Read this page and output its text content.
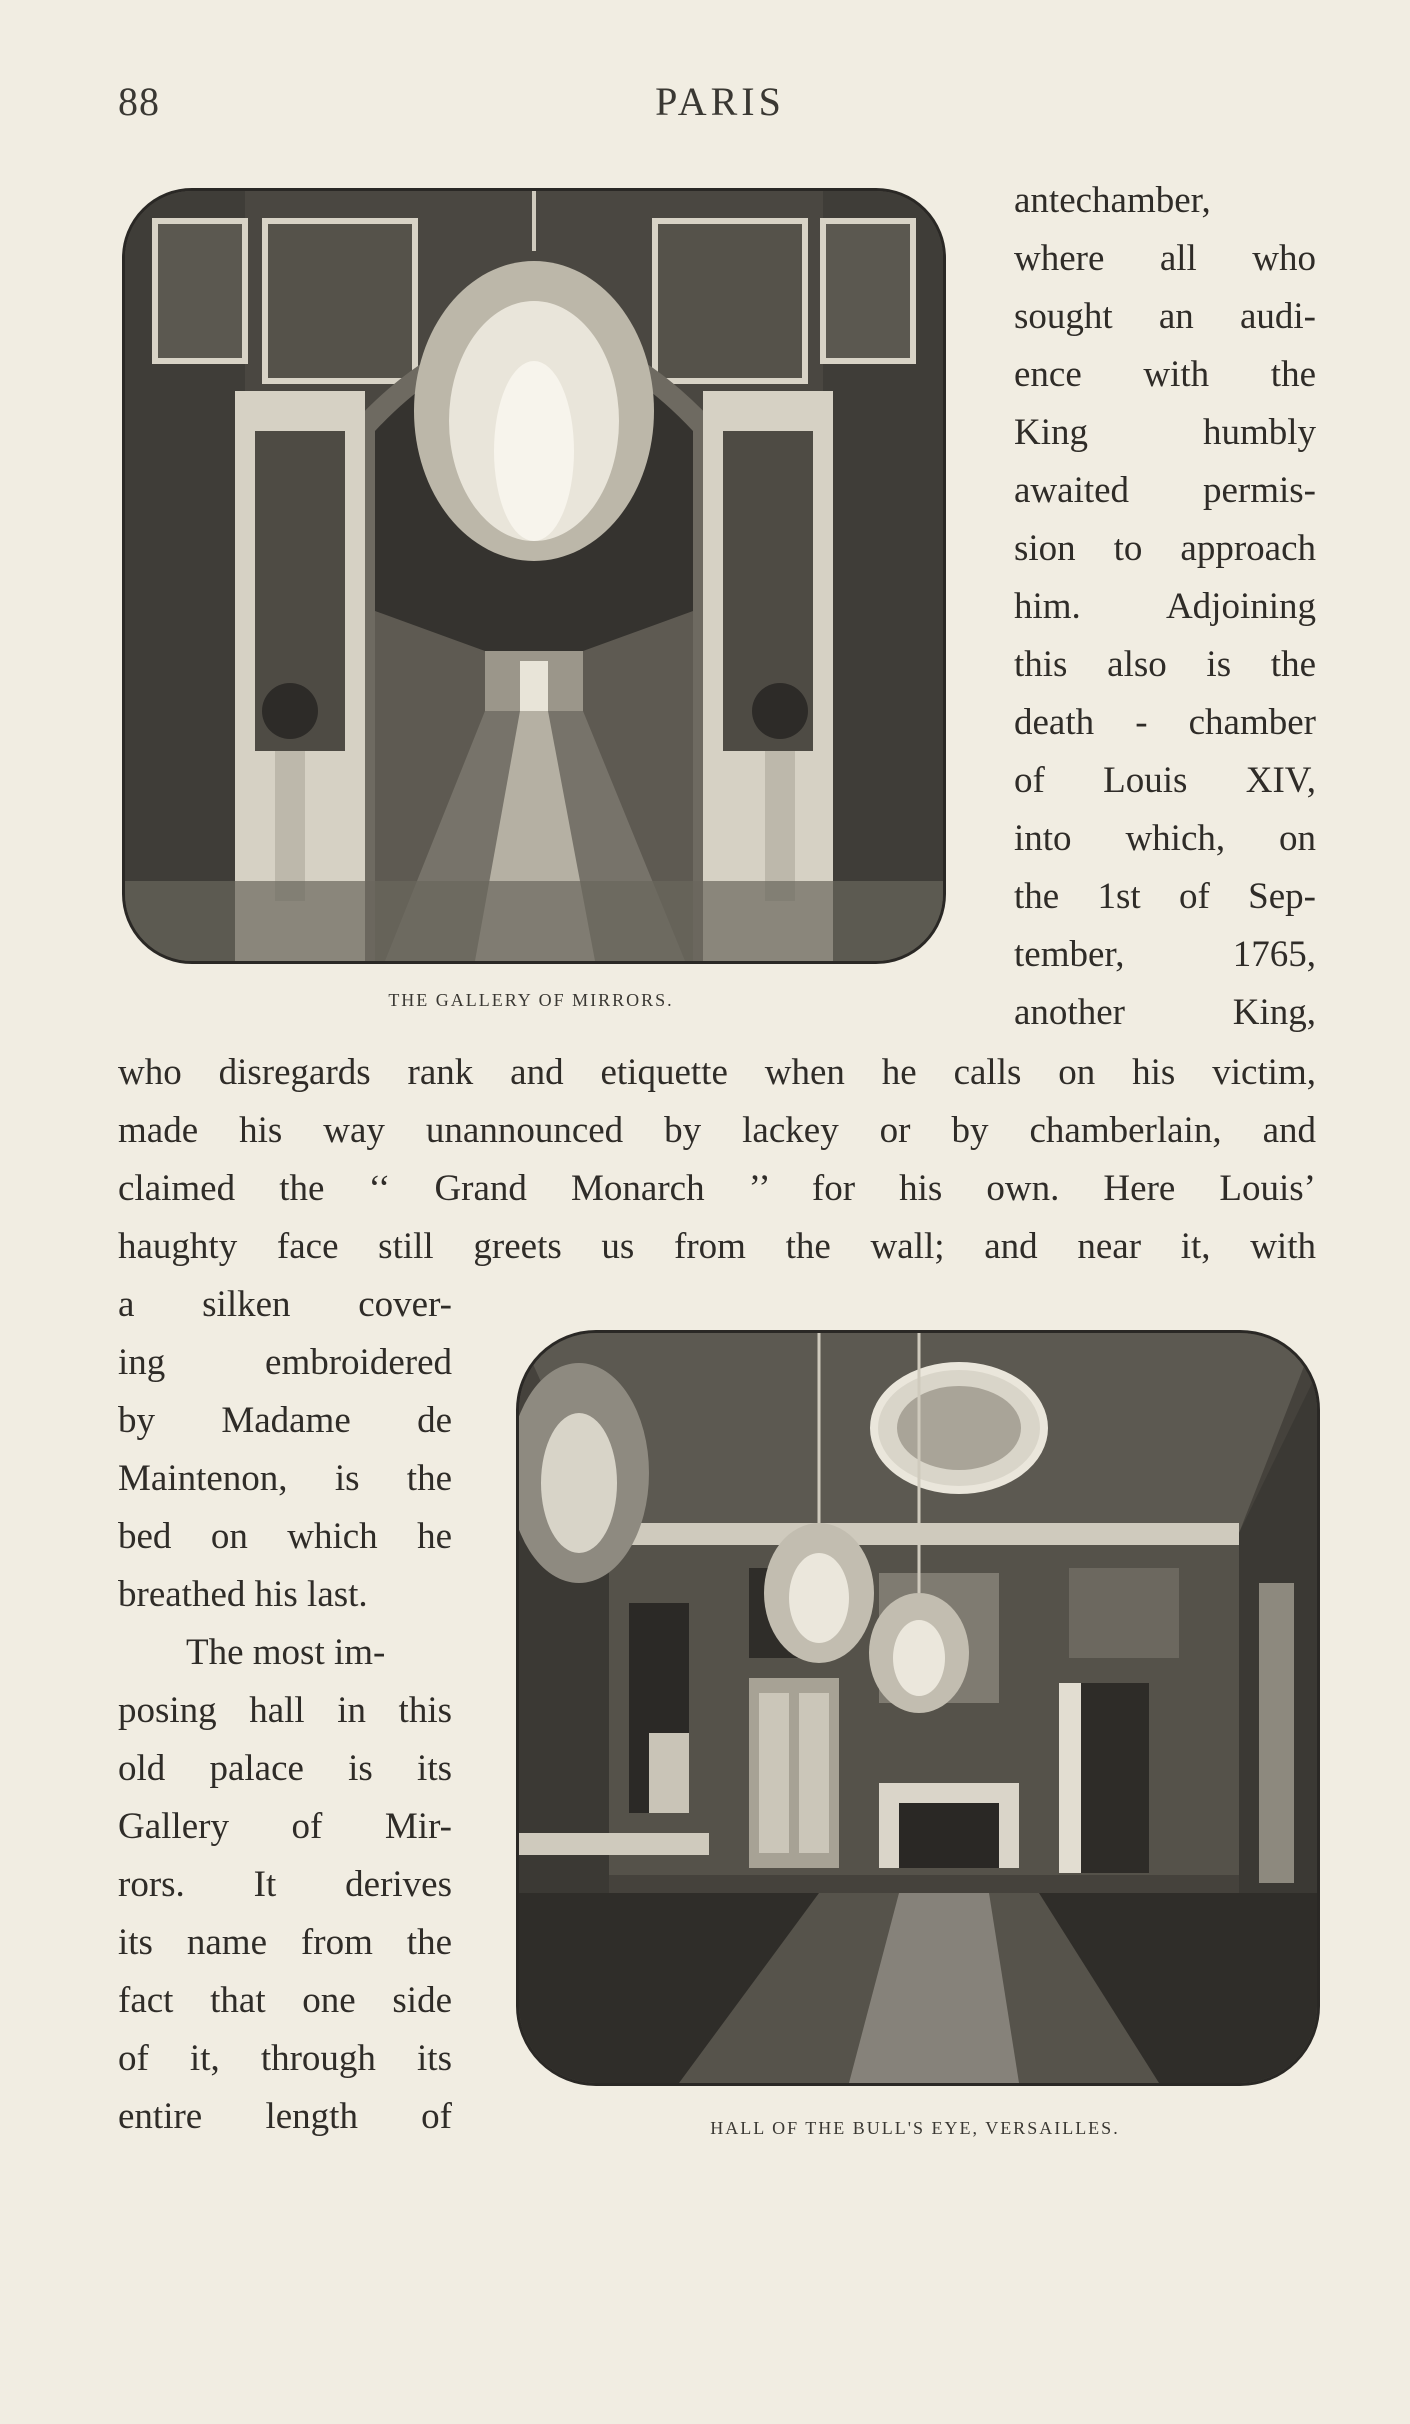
88	PARIS
THE GALLERY OF MIRRORS.
antechamber,
where all who
sought an audi-
ence with the
King humbly
awaited permis-
sion to approach
him. Adjoining
this also is the
death - chamber
of Louis XIV,
into which, on
the 1st of Sep-
tember, 1765,
another King,
who disregards rank and etiquette when he calls on his victim,
made his way unannounced by lackey or by chamberlain, and
claimed the ‘‘ Grand Monarch ’’ for his own. Here Louis’
haughty face still greets us from the wall; and near it, with
HALL OF THE BULL'S EYE, VERSAILLES.
a silken cover-
ing embroidered
by Madame de
Maintenon, is the
bed on which he
breathed his last.
The most im-
posing hall in this
old palace is its
Gallery of Mir-
rors. It derives
its name from the
fact that one side
of it, through its
entire length of
